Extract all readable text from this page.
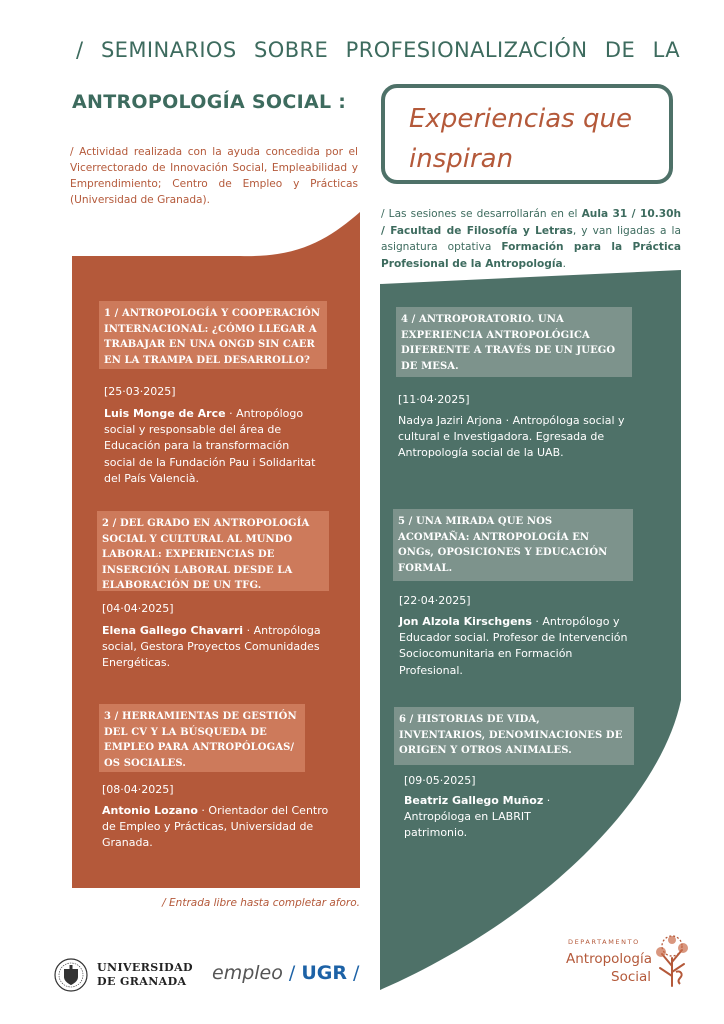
/ SEMINARIOS SOBRE PROFESIONALIZACIÓN DE LA
ANTROPOLOGÍA SOCIAL :
Experiencias que inspiran
/ Actividad realizada con la ayuda concedida por el Vicerrectorado de Innovación Social, Empleabilidad y Emprendimiento; Centro de Empleo y Prácticas (Universidad de Granada).
/ Las sesiones se desarrollarán en el Aula 31 / 10.30h / Facultad de Filosofía y Letras, y van ligadas a la asignatura optativa Formación para la Práctica Profesional de la Antropología.
1 / ANTROPOLOGÍA Y COOPERACIÓN INTERNACIONAL: ¿CÓMO LLEGAR A TRABAJAR EN UNA ONGD SIN CAER EN LA TRAMPA DEL DESARROLLO?
[25·03·2025]
Luis Monge de Arce · Antropólogo social y responsable del área de Educación para la transformación social de la Fundación Pau i Solidaritat del País Valencià.
2 / DEL GRADO EN ANTROPOLOGÍA SOCIAL Y CULTURAL AL MUNDO LABORAL: EXPERIENCIAS DE INSERCIÓN LABORAL DESDE LA ELABORACIÓN DE UN TFG.
[04·04·2025]
Elena Gallego Chavarri · Antropóloga social, Gestora Proyectos Comunidades Energéticas.
3 / HERRAMIENTAS DE GESTIÓN DEL CV Y LA BÚSQUEDA DE EMPLEO PARA ANTROPÓLOGAS/ OS SOCIALES.
[08·04·2025]
Antonio Lozano · Orientador del Centro de Empleo y Prácticas, Universidad de Granada.
4 / ANTROPORATORIO. UNA EXPERIENCIA ANTROPOLÓGICA DIFERENTE A TRAVÉS DE UN JUEGO DE MESA.
[11·04·2025]
Nadya Jaziri Arjona · Antropóloga social y cultural e Investigadora. Egresada de Antropología social de la UAB.
5 / UNA MIRADA QUE NOS ACOMPAÑA: ANTROPOLOGÍA EN ONGs, OPOSICIONES Y EDUCACIÓN FORMAL.
[22·04·2025]
Jon Alzola Kirschgens · Antropólogo y Educador social. Profesor de Intervención Sociocomunitaria en Formación Profesional.
6 / HISTORIAS DE VIDA, INVENTARIOS, DENOMINACIONES DE ORIGEN Y OTROS ANIMALES.
[09·05·2025]
Beatriz Gallego Muñoz · Antropóloga en LABRIT patrimonio.
/ Entrada libre hasta completar aforo.
UNIVERSIDAD
DE GRANADA	empleo / UGR /
DEPARTAMENTO
Antropología
Social
